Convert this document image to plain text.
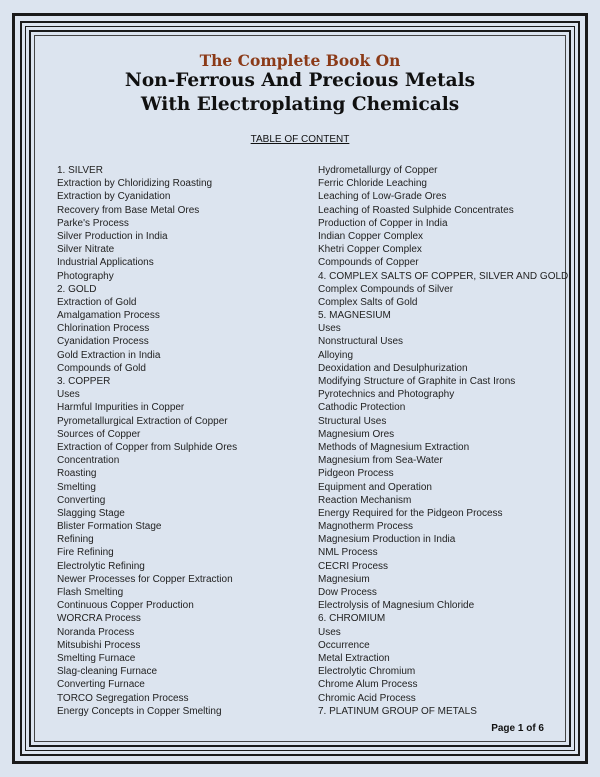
The Complete Book On
Non-Ferrous And Precious Metals
With Electroplating Chemicals
TABLE OF CONTENT
1. SILVER
Extraction by Chloridizing Roasting
Extraction by Cyanidation
Recovery from Base Metal Ores
Parke's Process
Silver Production in India
Silver Nitrate
Industrial Applications
Photography
2. GOLD
Extraction of Gold
Amalgamation Process
Chlorination Process
Cyanidation Process
Gold Extraction in India
Compounds of Gold
3. COPPER
Uses
Harmful Impurities in Copper
Pyrometallurgical Extraction of Copper
Sources of Copper
Extraction of Copper from Sulphide Ores
Concentration
Roasting
Smelting
Converting
Slagging Stage
Blister Formation Stage
Refining
Fire Refining
Electrolytic Refining
Newer Processes for Copper Extraction
Flash Smelting
Continuous Copper Production
WORCRA Process
Noranda Process
Mitsubishi Process
Smelting Furnace
Slag-cleaning Furnace
Converting Furnace
TORCO Segregation Process
Energy Concepts in Copper Smelting
Hydrometallurgy of Copper
Ferric Chloride Leaching
Leaching of Low-Grade Ores
Leaching of Roasted Sulphide Concentrates
Production of Copper in India
Indian Copper Complex
Khetri Copper Complex
Compounds of Copper
4. COMPLEX SALTS OF COPPER, SILVER AND GOLD
Complex Compounds of Silver
Complex Salts of Gold
5. MAGNESIUM
Uses
Nonstructural Uses
Alloying
Deoxidation and Desulphurization
Modifying Structure of Graphite in Cast Irons
Pyrotechnics and Photography
Cathodic Protection
Structural Uses
Magnesium Ores
Methods of Magnesium Extraction
Magnesium from Sea-Water
Pidgeon Process
Equipment and Operation
Reaction Mechanism
Energy Required for the Pidgeon Process
Magnotherm Process
Magnesium Production in India
NML Process
CECRI Process
Magnesium
Dow Process
Electrolysis of Magnesium Chloride
6. CHROMIUM
Uses
Occurrence
Metal Extraction
Electrolytic Chromium
Chrome Alum Process
Chromic Acid Process
7. PLATINUM GROUP OF METALS
Page 1 of 6
